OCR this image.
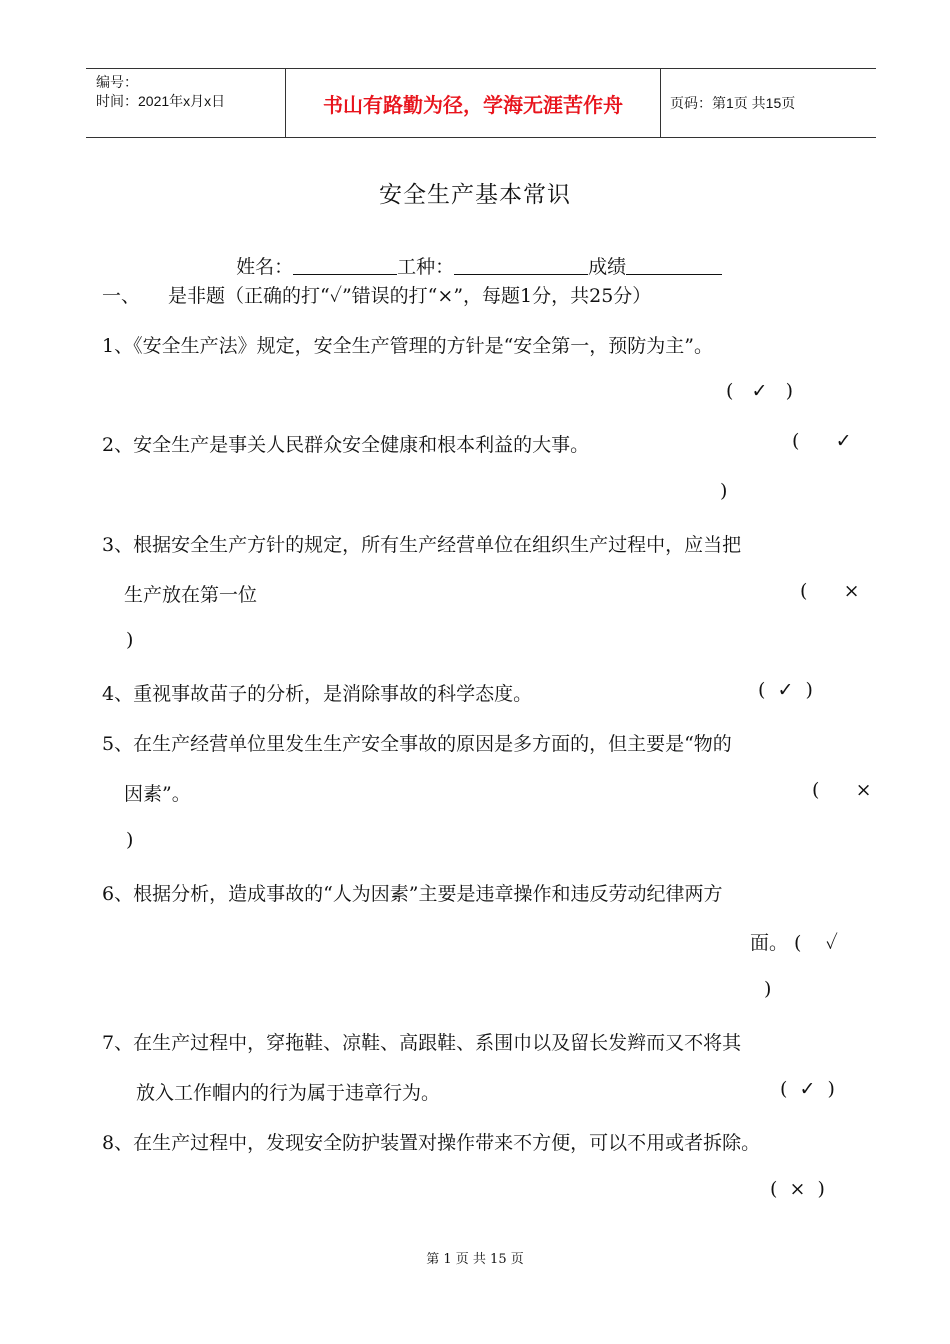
编号：
时间：2021年x月x日	书山有路勤为径，学海无涯苦作舟	页码：第1页 共15页
安全生产基本常识

姓名：	工种：	成绩

一、 是非题（正确的打“✓”错误的打“×”，每题1分，共25分）
1、《安全生产法》规定，安全生产管理的方针是“安全第一，预防为主”。
(   ✓   )
2、安全生产是事关人民群众安全健康和根本利益的大事。	(      ✓
)
3、根据安全生产方针的规定，所有生产经营单位在组织生产过程中，应当把
生产放在第一位	(      ×
)
4、重视事故苗子的分析，是消除事故的科学态度。	(  ✓  )
5、在生产经营单位里发生生产安全事故的原因是多方面的，但主要是“物的
因素”。	(      ×
)
6、根据分析，造成事故的“人为因素”主要是违章操作和违反劳动纪律两方
面。 (    ✓
)
7、在生产过程中，穿拖鞋、凉鞋、高跟鞋、系围巾以及留长发辫而又不将其
放入工作帽内的行为属于违章行为。	(  ✓  )
8、在生产过程中，发现安全防护装置对操作带来不方便，可以不用或者拆除。
(  ×  )
第 1 页 共 15 页
